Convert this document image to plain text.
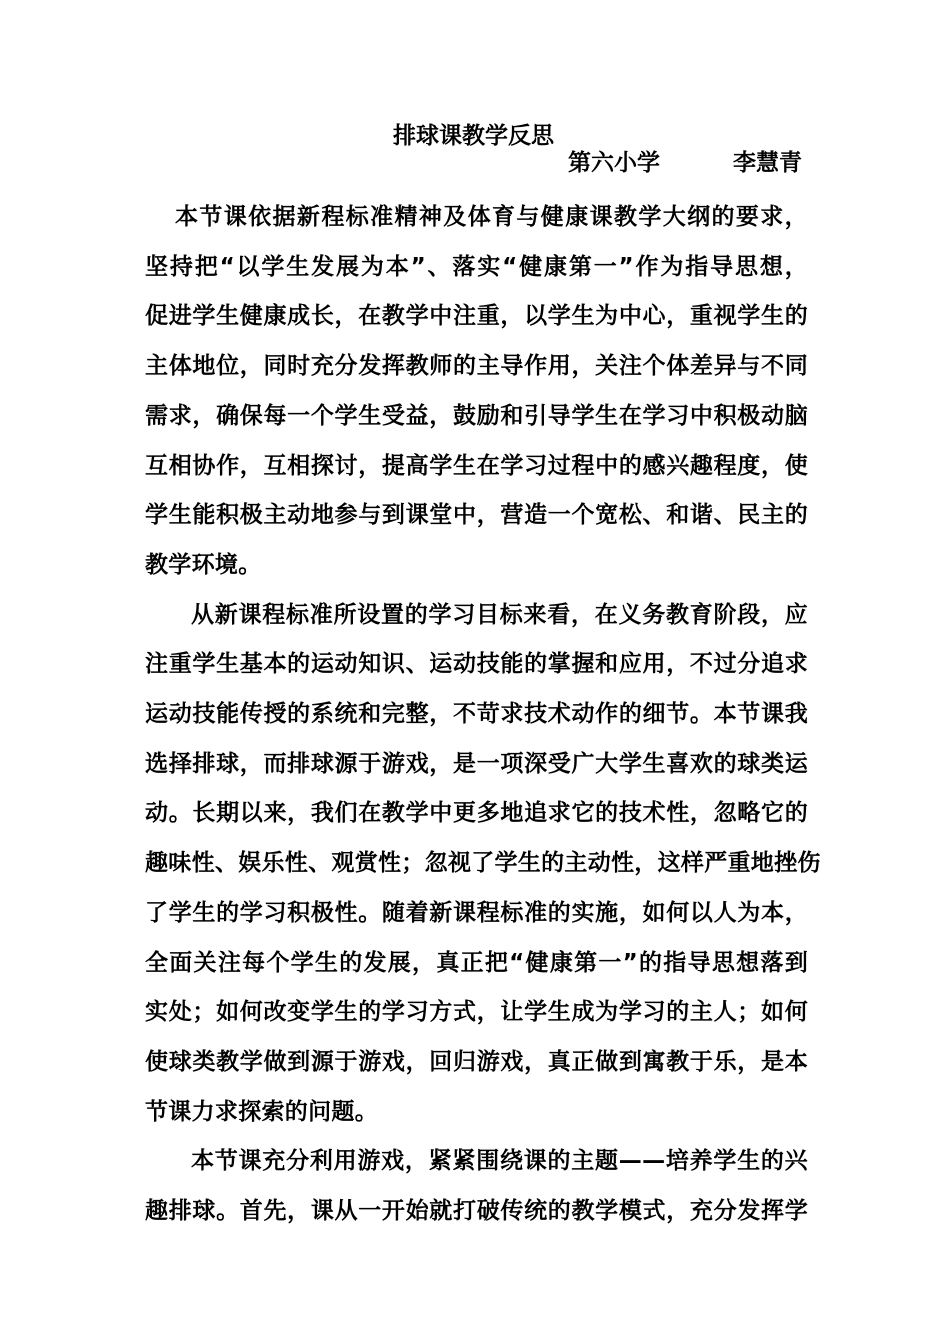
排球课教学反思
第六小学	李慧青
本节课依据新程标准精神及体育与健康课教学大纲的要求，
坚持把“以学生发展为本”、落实“健康第一”作为指导思想，
促进学生健康成长，在教学中注重，以学生为中心，重视学生的
主体地位，同时充分发挥教师的主导作用，关注个体差异与不同
需求，确保每一个学生受益，鼓励和引导学生在学习中积极动脑
互相协作，互相探讨，提高学生在学习过程中的感兴趣程度，使
学生能积极主动地参与到课堂中，营造一个宽松、和谐、民主的
教学环境。
从新课程标准所设置的学习目标来看，在义务教育阶段，应
注重学生基本的运动知识、运动技能的掌握和应用，不过分追求
运动技能传授的系统和完整，不苛求技术动作的细节。本节课我
选择排球，而排球源于游戏，是一项深受广大学生喜欢的球类运
动。长期以来，我们在教学中更多地追求它的技术性，忽略它的
趣味性、娱乐性、观赏性；忽视了学生的主动性，这样严重地挫伤
了学生的学习积极性。随着新课程标准的实施，如何以人为本，
全面关注每个学生的发展，真正把“健康第一”的指导思想落到
实处；如何改变学生的学习方式，让学生成为学习的主人；如何
使球类教学做到源于游戏，回归游戏，真正做到寓教于乐，是本
节课力求探索的问题。
本节课充分利用游戏，紧紧围绕课的主题——培养学生的兴
趣排球。首先，课从一开始就打破传统的教学模式，充分发挥学
